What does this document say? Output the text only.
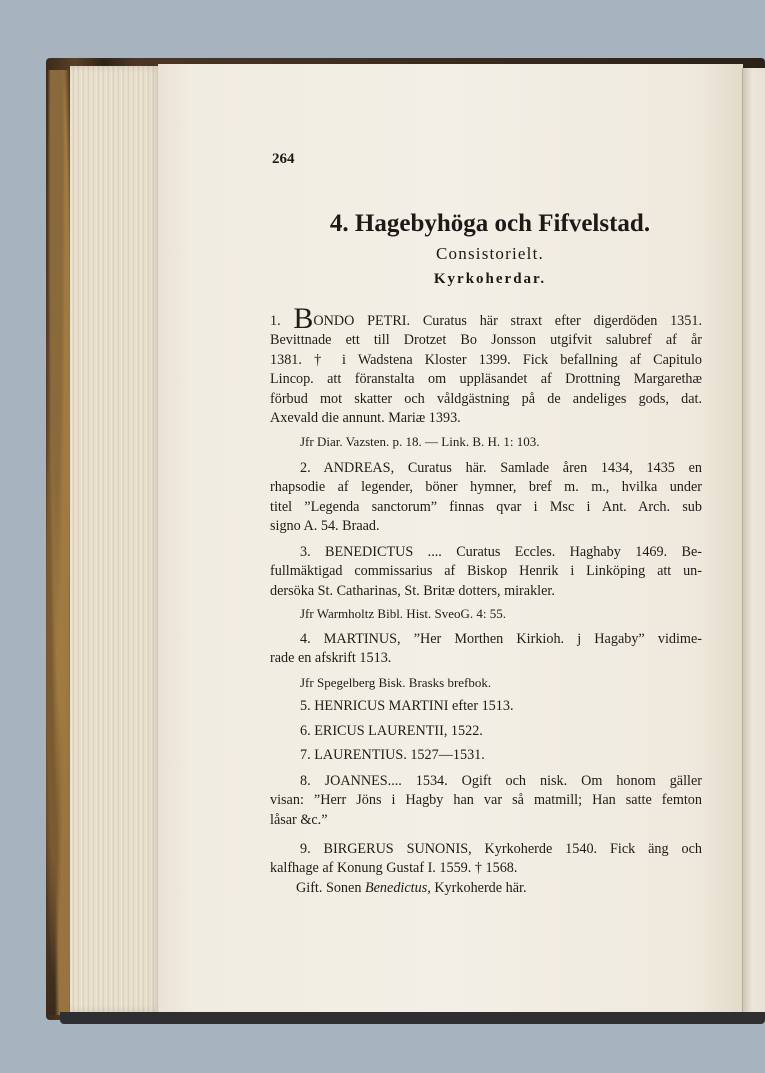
264
4. Hagebyhöga och Fifvelstad.
Consistorielt.
Kyrkoherdar.
1. BONDO PETRI. Curatus här straxt efter digerdöden 1351.
Bevittnade ett till Drotzet Bo Jonsson utgifvit salubref af år
1381. † i Wadstena Kloster 1399. Fick befallning af Capitulo
Lincop. att föranstalta om uppläsandet af Drottning Margarethæ
förbud mot skatter och våldgästning på de andeliges gods, dat.
Axevald die annunt. Mariæ 1393.
Jfr Diar. Vazsten. p. 18. — Link. B. H. 1: 103.
2. ANDREAS, Curatus här. Samlade åren 1434, 1435 en
rhapsodie af legender, böner hymner, bref m. m., hvilka under
titel ”Legenda sanctorum” finnas qvar i Msc i Ant. Arch. sub
signo A. 54. Braad.
3. BENEDICTUS .... Curatus Eccles. Haghaby 1469. Be-
fullmäktigad commissarius af Biskop Henrik i Linköping att un-
dersöka St. Catharinas, St. Britæ dotters, mirakler.
Jfr Warmholtz Bibl. Hist. SveoG. 4: 55.
4. MARTINUS, ”Her Morthen Kirkioh. j Hagaby” vidime-
rade en afskrift 1513.
Jfr Spegelberg Bisk. Brasks brefbok.
5. HENRICUS MARTINI efter 1513.
6. ERICUS LAURENTII, 1522.
7. LAURENTIUS. 1527—1531.
8. JOANNES.... 1534. Ogift och nisk. Om honom gäller
visan: ”Herr Jöns i Hagby han var så matmill; Han satte femton
låsar &c.”
9. BIRGERUS SUNONIS, Kyrkoherde 1540. Fick äng och
kalfhage af Konung Gustaf I. 1559. † 1568.
Gift. Sonen Benedictus, Kyrkoherde här.
